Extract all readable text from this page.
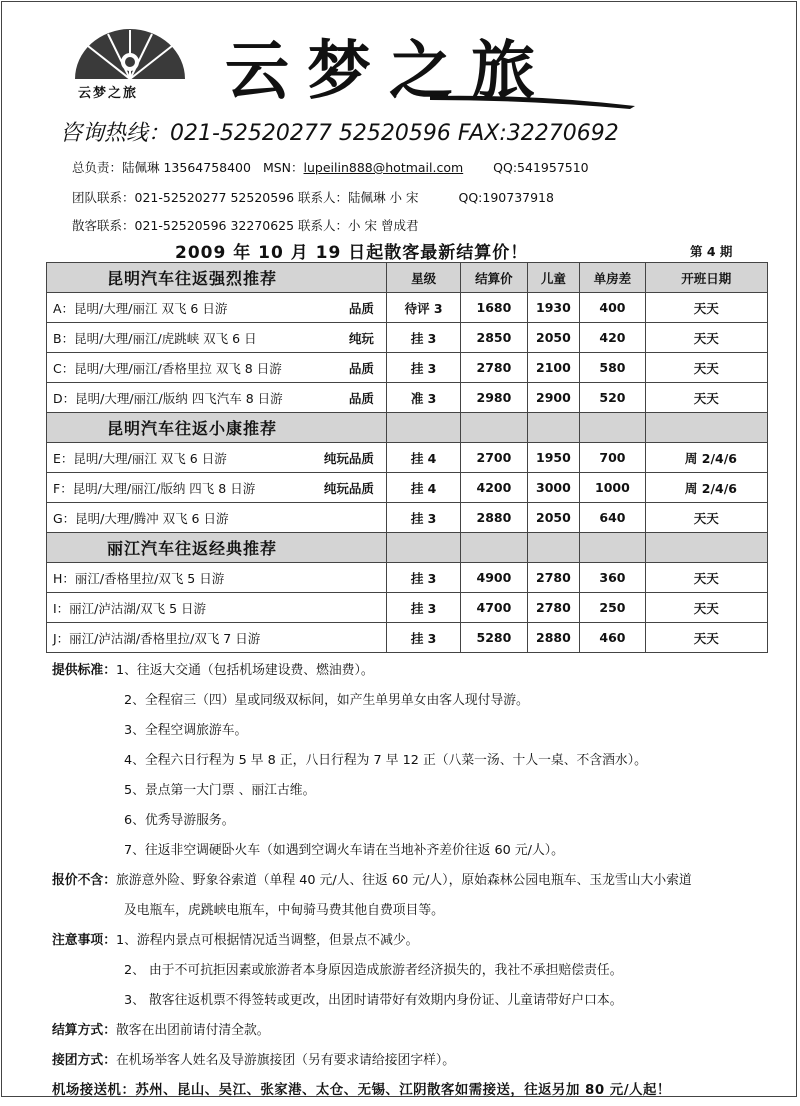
云梦之旅 云梦之旅
咨询热线：021-52520277 52520596 FAX:32270692
总负责：陆佩琳 13564758400 MSN：lupeilin888@hotmail.com QQ:541957510
团队联系：021-52520277 52520596 联系人：陆佩琳 小 宋	QQ:190737918
散客联系：021-52520596 32270625 联系人：小 宋 曾成君
2009 年 10 月 19 日起散客最新结算价！	第 4 期
昆明汽车往返强烈推荐	星级	结算价	儿童	单房差	开班日期
A：昆明/大理/丽江 双飞 6 日游 品质	待评 3	1680	1930	400	天天
B：昆明/大理/丽江/虎跳峡 双飞 6 日 纯玩	挂 3	2850	2050	420	天天
C：昆明/大理/丽江/香格里拉 双飞 8 日游 品质	挂 3	2780	2100	580	天天
D：昆明/大理/丽江/版纳 四飞汽车 8 日游 品质	准 3	2980	2900	520	天天
昆明汽车往返小康推荐					
E：昆明/大理/丽江 双飞 6 日游 纯玩品质	挂 4	2700	1950	700	周 2/4/6
F：昆明/大理/丽江/版纳 四飞 8 日游 纯玩品质	挂 4	4200	3000	1000	周 2/4/6
G：昆明/大理/腾冲 双飞 6 日游	挂 3	2880	2050	640	天天
丽江汽车往返经典推荐					
H：丽江/香格里拉/双飞 5 日游	挂 3	4900	2780	360	天天
I：丽江/泸沽湖/双飞 5 日游	挂 3	4700	2780	250	天天
J：丽江/泸沽湖/香格里拉/双飞 7 日游	挂 3	5280	2880	460	天天
提供标准：1、往返大交通（包括机场建设费、燃油费）。
2、全程宿三（四）星或同级双标间，如产生单男单女由客人现付导游。
3、全程空调旅游车。
4、全程六日行程为 5 早 8 正，八日行程为 7 早 12 正（八菜一汤、十人一桌、不含酒水）。
5、景点第一大门票 、丽江古维。
6、优秀导游服务。
7、往返非空调硬卧火车（如遇到空调火车请在当地补齐差价往返 60 元/人）。
报价不含：旅游意外险、野象谷索道（单程 40 元/人、往返 60 元/人），原始森林公园电瓶车、玉龙雪山大小索道
及电瓶车，虎跳峡电瓶车，中甸骑马费其他自费项目等。
注意事项：1、游程内景点可根据情况适当调整，但景点不减少。
2、 由于不可抗拒因素或旅游者本身原因造成旅游者经济损失的，我社不承担赔偿责任。
3、 散客往返机票不得签转或更改，出团时请带好有效期内身份证、儿童请带好户口本。
结算方式：散客在出团前请付清全款。
接团方式：在机场举客人姓名及导游旗接团（另有要求请给接团字样）。
机场接送机：苏州、昆山、吴江、张家港、太仓、无锡、江阴散客如需接送，往返另加 80 元/人起！
